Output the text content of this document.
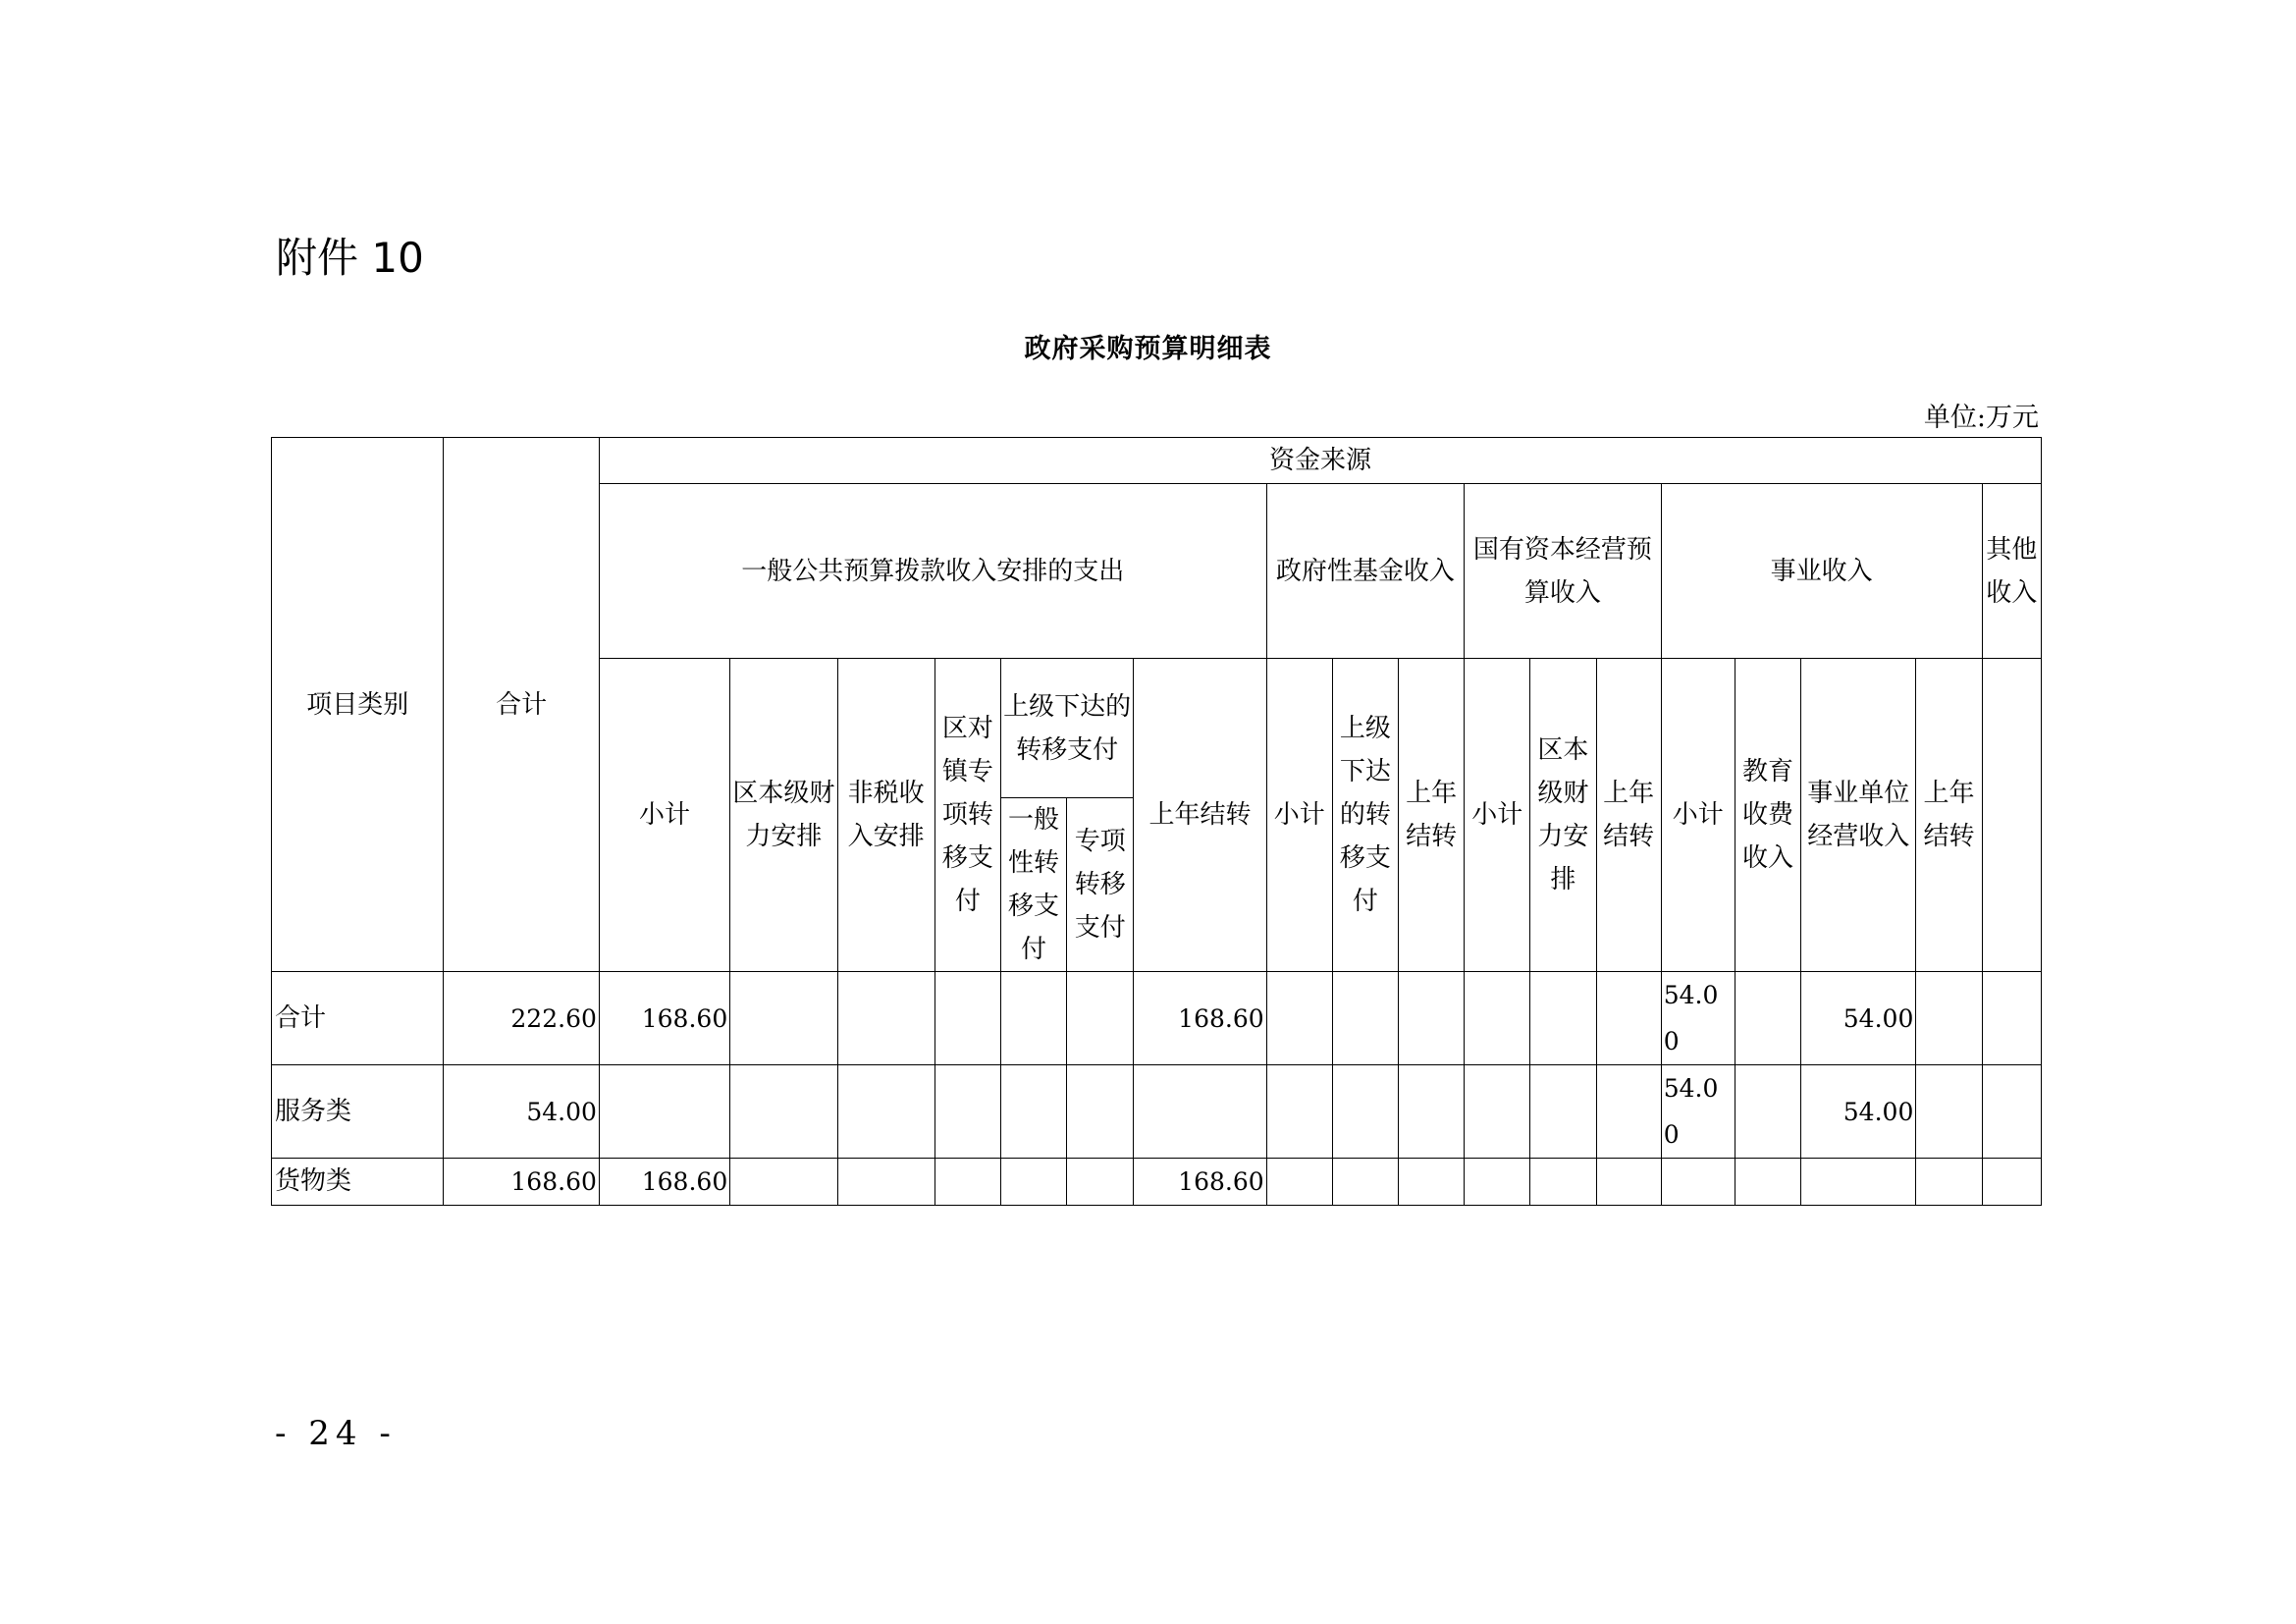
附件 10
政府采购预算明细表
单位:万元
项目类别	合计	资金来源																	
		一般公共预算拨款收入安排的支出							政府性基金收入			国有资本经营预算收入			事业收入				其他收入
		小计	区本级财力安排	非税收入安排	区对镇专项转移支付	上级下达的转移支付		上年结转	小计	上级下达的转移支付	上年结转	小计	区本级财力安排	上年结转	小计	教育收费收入	事业单位经营收入	上年结转	
						一般性转移支付	专项转移支付												
合计	222.60	168.60						168.60							54.00		54.00		
服务类	54.00														54.00		54.00		
货物类	168.60	168.60						168.60											
- 24 -
